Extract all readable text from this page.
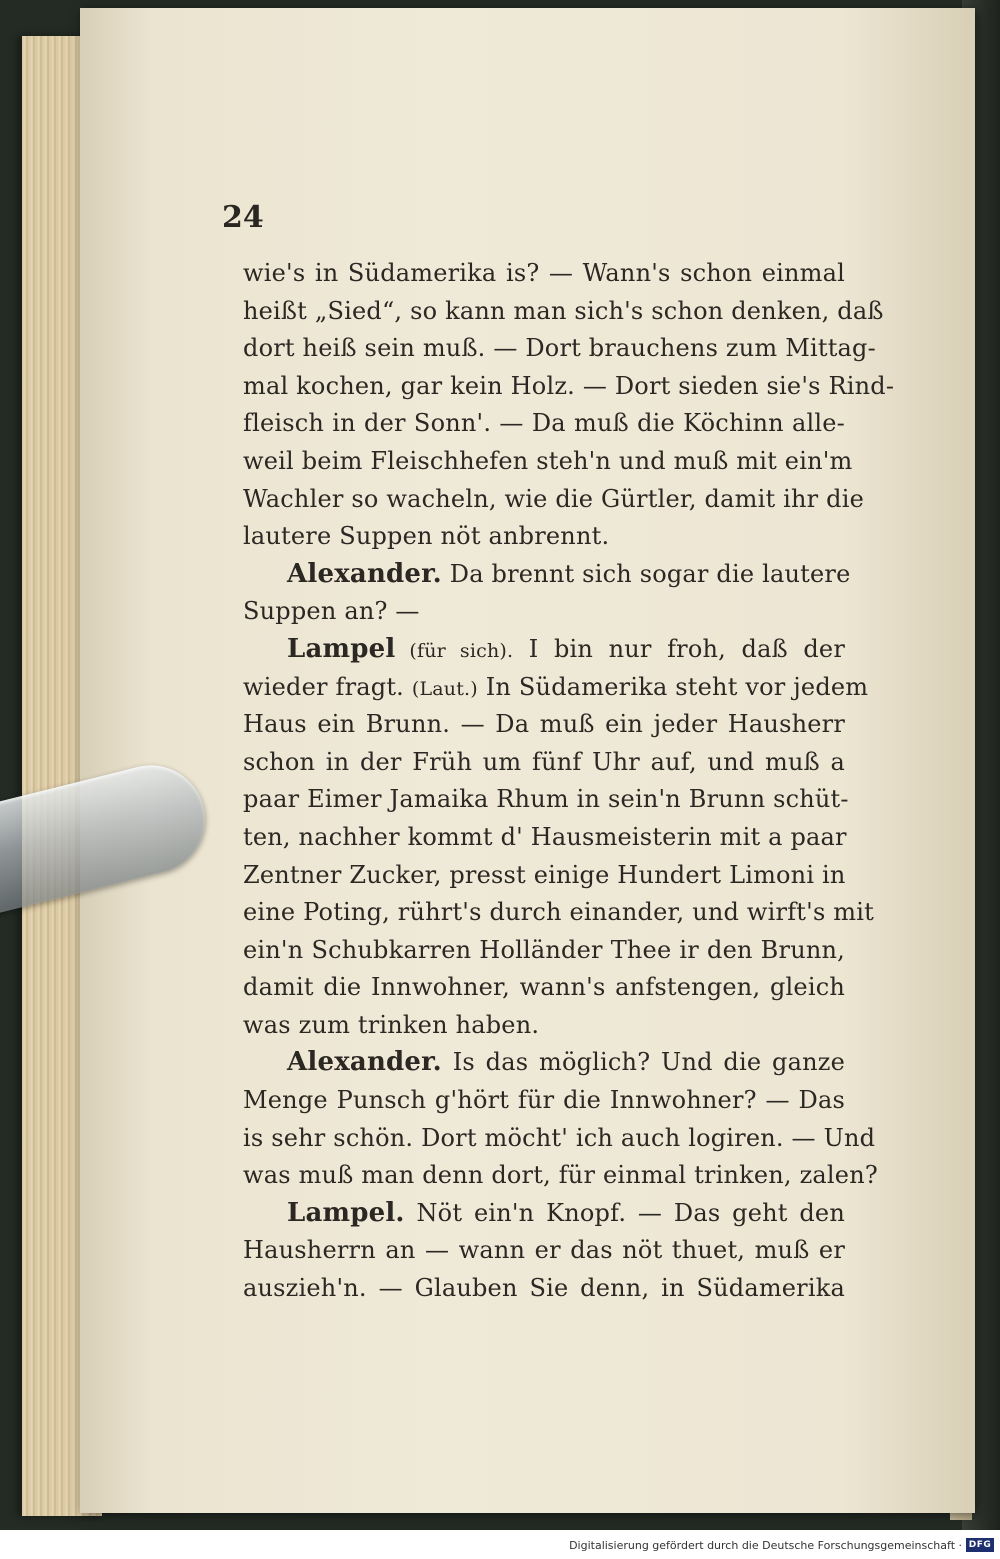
24
wie's in Südamerika is? — Wann's schon einmal
heißt „Sied“, so kann man sich's schon denken, daß
dort heiß sein muß. — Dort brauchens zum Mittag-
mal kochen, gar kein Holz. — Dort sieden sie's Rind-
fleisch in der Sonn'. — Da muß die Köchinn alle-
weil beim Fleischhefen steh'n und muß mit ein'm
Wachler so wacheln, wie die Gürtler, damit ihr die
lautere Suppen nöt anbrennt.
Alexander. Da brennt sich sogar die lautere
Suppen an? —
Lampel (für sich). I bin nur froh, daß der
wieder fragt. (Laut.) In Südamerika steht vor jedem
Haus ein Brunn. — Da muß ein jeder Hausherr
schon in der Früh um fünf Uhr auf, und muß a
paar Eimer Jamaika Rhum in sein'n Brunn schüt-
ten, nachher kommt d' Hausmeisterin mit a paar
Zentner Zucker, presst einige Hundert Limoni in
eine Poting, rührt's durch einander, und wirft's mit
ein'n Schubkarren Holländer Thee ir den Brunn,
damit die Innwohner, wann's anfstengen, gleich
was zum trinken haben.
Alexander. Is das möglich? Und die ganze
Menge Punsch g'hört für die Innwohner? — Das
is sehr schön. Dort möcht' ich auch logiren. — Und
was muß man denn dort, für einmal trinken, zalen?
Lampel. Nöt ein'n Knopf. — Das geht den
Hausherrn an — wann er das nöt thuet, muß er
auszieh'n. — Glauben Sie denn, in Südamerika
Digitalisierung gefördert durch die Deutsche Forschungsgemeinschaft · DFG
